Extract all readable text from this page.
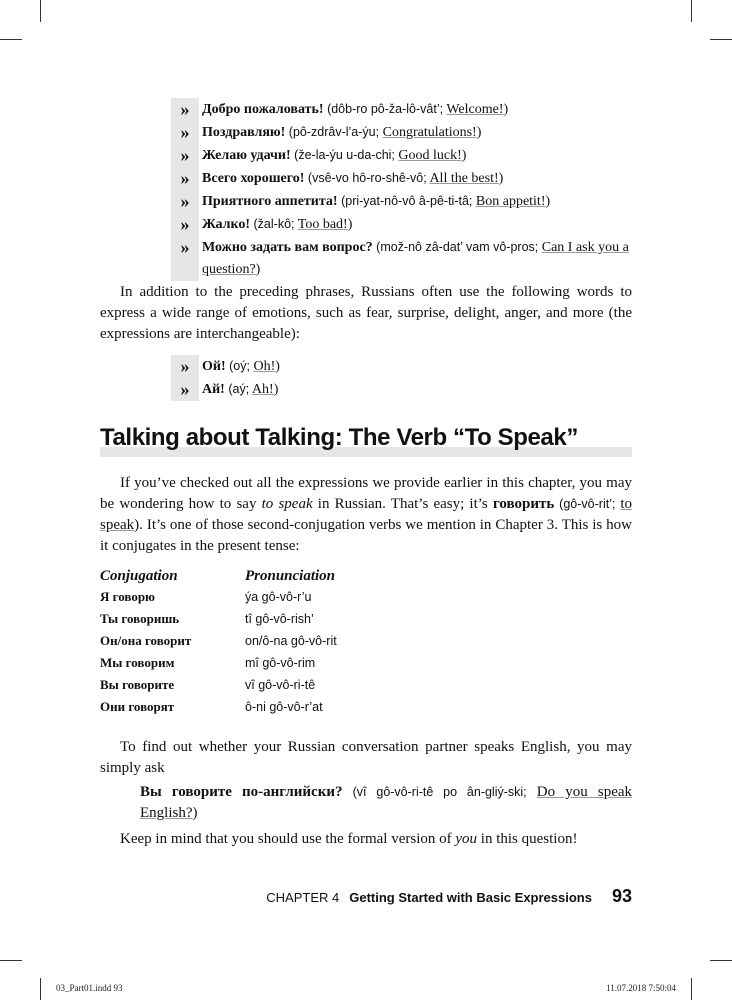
» Добро пожаловать! (dôb-ro pô-ža-lô-vât’; Welcome!)
» Поздравляю! (pô-zdrâv-l’a-ýu; Congratulations!)
» Желаю удачи! (že-la-ýu u-da-chi; Good luck!)
» Всего хорошего! (vsê-vo hô-ro-shê-vô; All the best!)
» Приятного аппетита! (pri-yat-nô-vô â-pê-ti-tâ; Bon appetit!)
» Жалко! (žal-kô; Too bad!)
» Можно задать вам вопрос? (mož-nô zâ-dat’ vam vô-pros; Can I ask you a question?)

In addition to the preceding phrases, Russians often use the following words to express a wide range of emotions, such as fear, surprise, delight, anger, and more (the expressions are interchangeable):

» Ой! (oý; Oh!)
» Ай! (aý; Ah!)
Talking about Talking: The Verb “To Speak”

If you’ve checked out all the expressions we provide earlier in this chapter, you may be wondering how to say to speak in Russian. That’s easy; it’s говорить (gô-vô-rit’; to speak). It’s one of those second-conjugation verbs we mention in Chapter 3. This is how it conjugates in the present tense:

Conjugation	Pronunciation
Я говорю	ýa gô-vô-r’u
Ты говоришь	tî gô-vô-rish’
Он/она говорит	on/ô-na gô-vô-rit
Мы говорим	mî gô-vô-rim
Вы говорите	vî gô-vô-ri-tê
Они говорят	ô-ni gô-vô-r’at

To find out whether your Russian conversation partner speaks English, you may simply ask

Вы говорите по-английски? (vî gô-vô-ri-tê po ân-gliý-ski; Do you speak English?)

Keep in mind that you should use the formal version of you in this question!

CHAPTER 4 Getting Started with Basic Expressions 93
03_Part01.indd 93	11.07.2018 7:50:04
